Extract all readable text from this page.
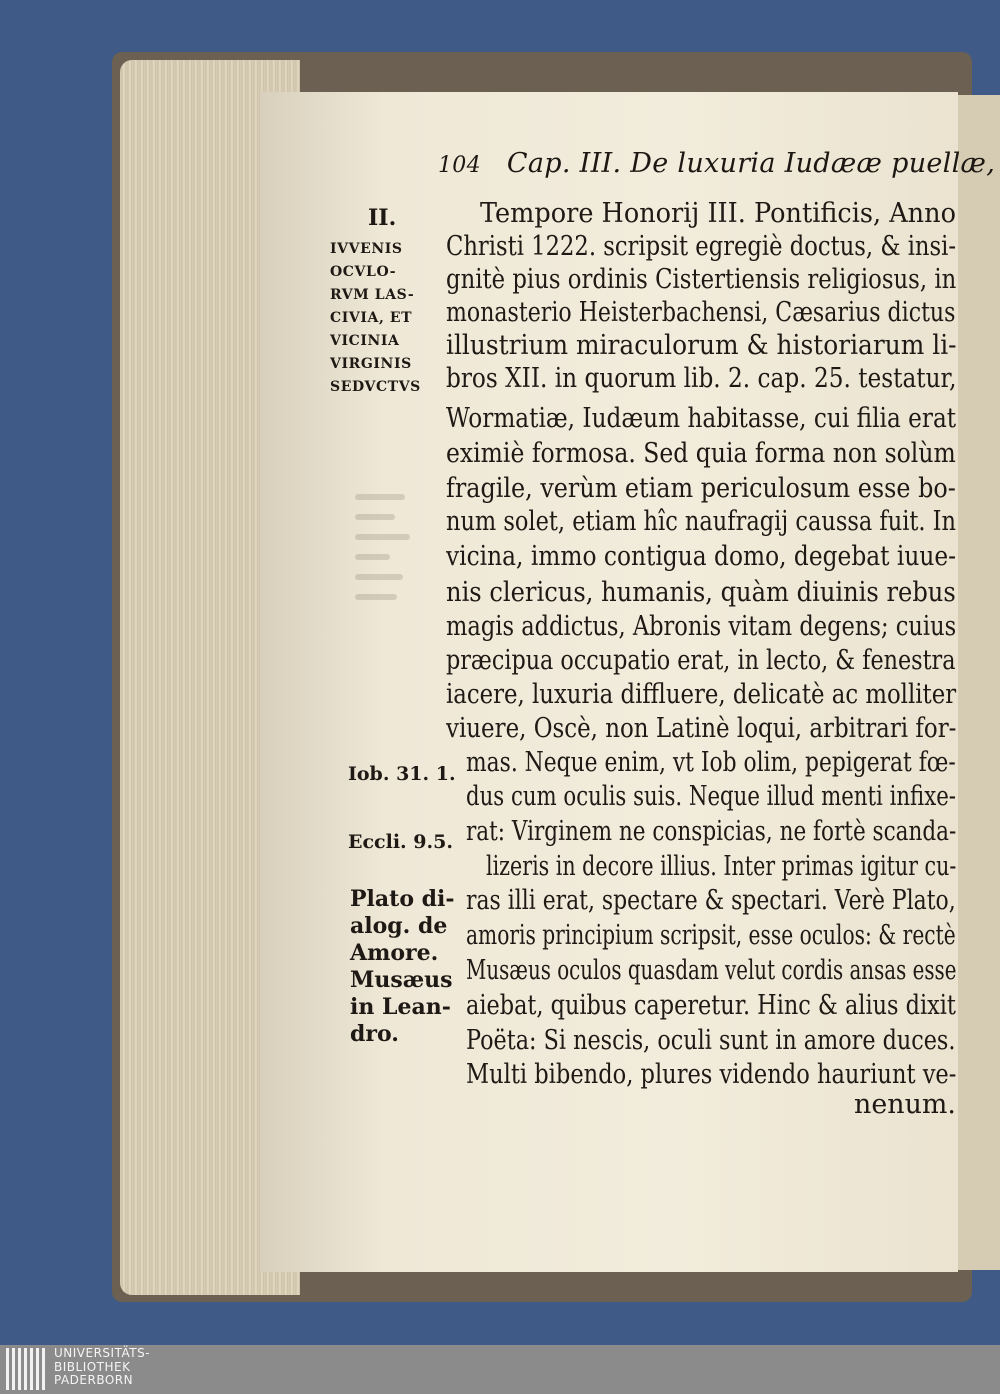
104 Cap. III. De luxuria Iudææ puellæ,
II.
IVVENIS
OCVLO-
RVM LAS-
CIVIA, ET
VICINIA
VIRGINIS
SEDVCTVS
Iob. 31. 1.
Eccli. 9.5.
Plato di-
alog. de
Amore.
Musæus
in Lean-
dro.
Tempore Honorij III. Pontificis, Anno
Christi 1222. scripsit egregiè doctus, & insi-
gnitè pius ordinis Cistertiensis religiosus, in
monasterio Heisterbachensi, Cæsarius dictus
illustrium miraculorum & historiarum li-
bros XII. in quorum lib. 2. cap. 25. testatur,
Wormatiæ, Iudæum habitasse, cui filia erat
eximiè formosa. Sed quia forma non solùm
fragile, verùm etiam periculosum esse bo-
num solet, etiam hîc naufragij caussa fuit. In
vicina, immo contigua domo, degebat iuue-
nis clericus, humanis, quàm diuinis rebus
magis addictus, Abronis vitam degens; cuius
præcipua occupatio erat, in lecto, & fenestra
iacere, luxuria diffluere, delicatè ac molliter
viuere, Oscè, non Latinè loqui, arbitrari for-
mas. Neque enim, vt Iob olim, pepigerat fœ-
dus cum oculis suis. Neque illud menti infixe-
rat: Virginem ne conspicias, ne fortè scanda-
lizeris in decore illius. Inter primas igitur cu-
ras illi erat, spectare & spectari. Verè Plato,
amoris principium scripsit, esse oculos: & rectè
Musæus oculos quasdam velut cordis ansas esse
aiebat, quibus caperetur. Hinc & alius dixit
Poëta: Si nescis, oculi sunt in amore duces.
Multi bibendo, plures videndo hauriunt ve-
nenum.
UNIVERSITÄTS-
BIBLIOTHEK
PADERBORN
